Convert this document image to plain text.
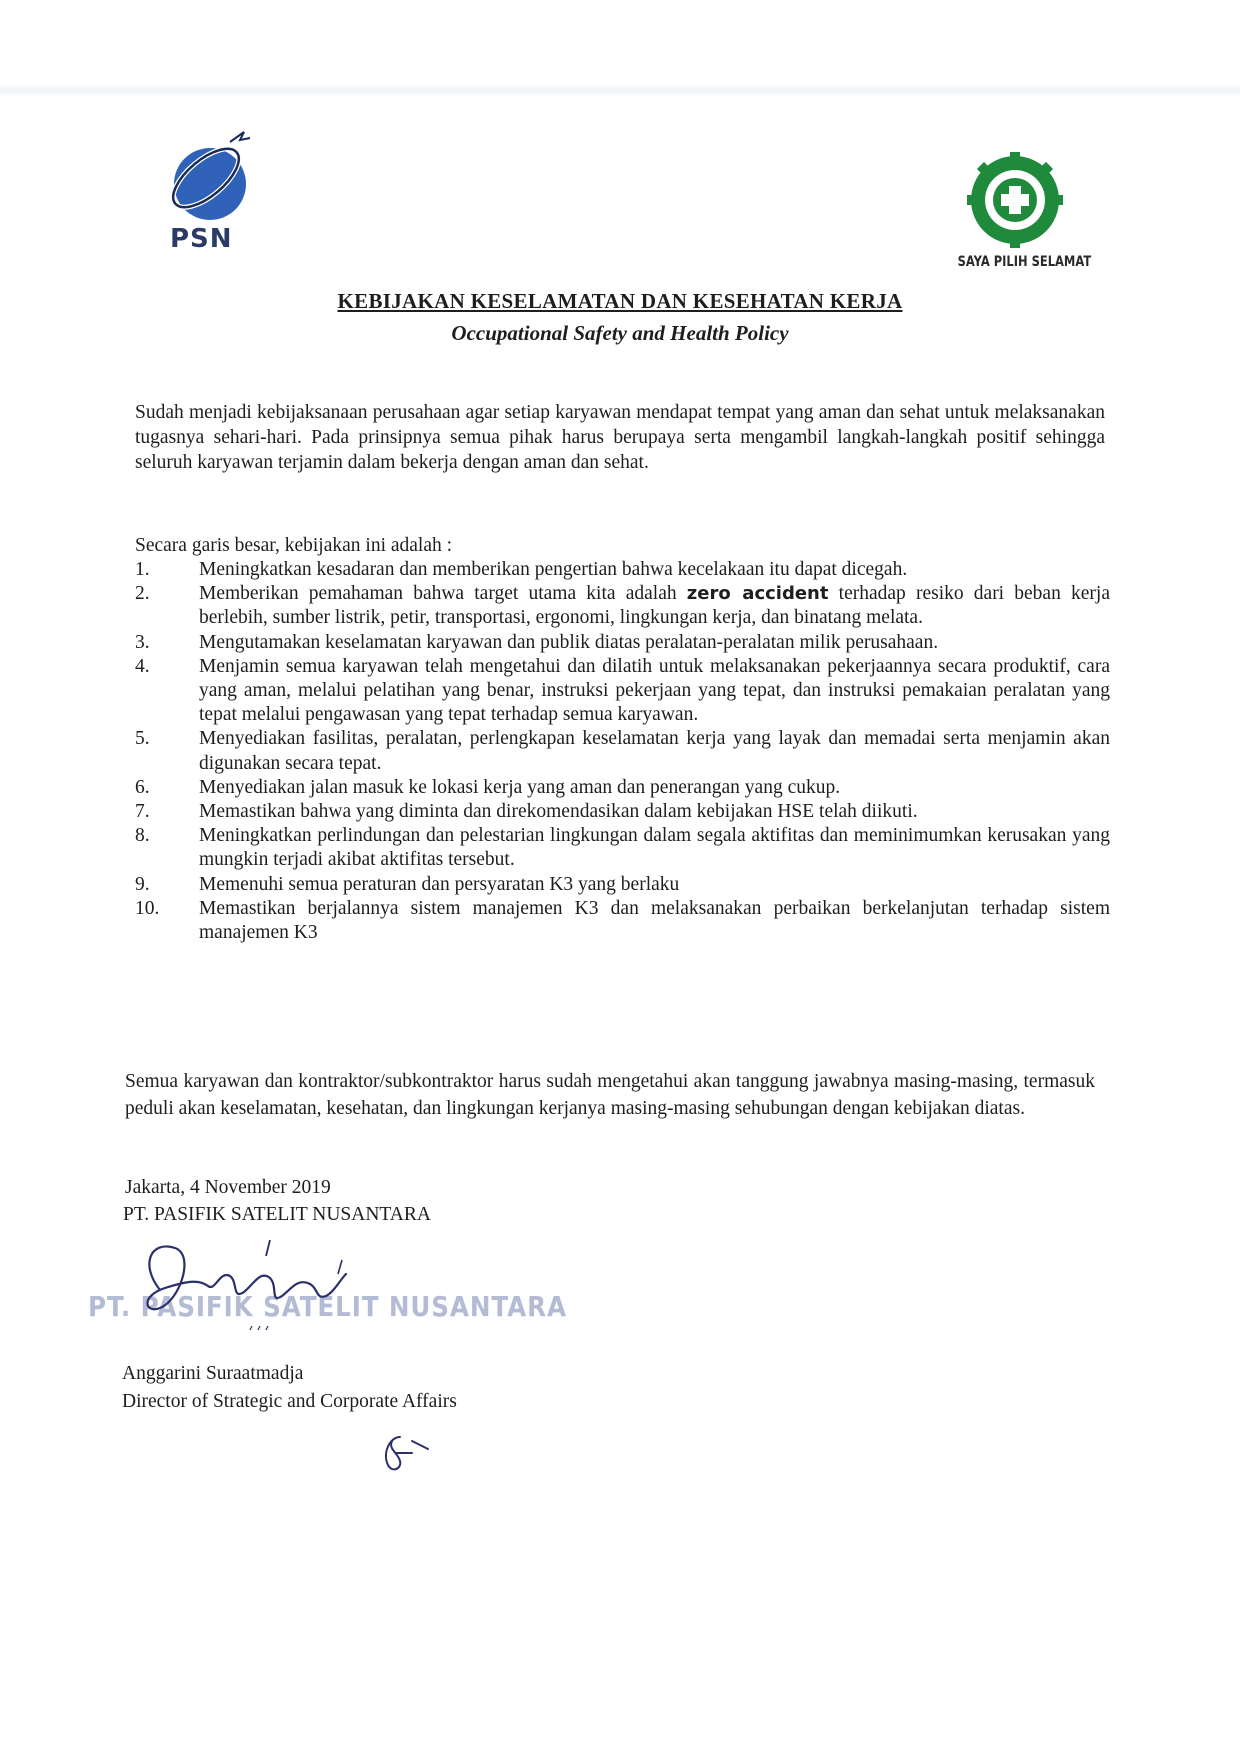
PSN
SAYA PILIH SELAMAT
KEBIJAKAN KESELAMATAN DAN KESEHATAN KERJA
Occupational Safety and Health Policy

Sudah menjadi kebijaksanaan perusahaan agar setiap karyawan mendapat tempat yang aman dan sehat untuk melaksanakan tugasnya sehari-hari. Pada prinsipnya semua pihak harus berupaya serta mengambil langkah-langkah positif sehingga seluruh karyawan terjamin dalam bekerja dengan aman dan sehat.

Secara garis besar, kebijakan ini adalah :

1 .	Meningkatkan kesadaran dan memberikan pengertian bahwa kecelakaan itu dapat dicegah.
2 .	Memberikan pemahaman bahwa target utama kita adalah zero accident terhadap resiko dari beban kerja berlebih, sumber listrik, petir, transportasi, ergonomi, lingkungan kerja, dan binatang melata.
3 .	Mengutamakan keselamatan karyawan dan publik diatas peralatan-peralatan milik perusahaan.
4 .	Menjamin semua karyawan telah mengetahui dan dilatih untuk melaksanakan pekerjaannya secara produktif, cara yang aman, melalui pelatihan yang benar, instruksi pekerjaan yang tepat, dan instruksi pemakaian peralatan yang tepat melalui pengawasan yang tepat terhadap semua karyawan.
5 .	Menyediakan fasilitas, peralatan, perlengkapan keselamatan kerja yang layak dan memadai serta menjamin akan digunakan secara tepat.
6 .	Menyediakan jalan masuk ke lokasi kerja yang aman dan penerangan yang cukup.
7 .	Memastikan bahwa yang diminta dan direkomendasikan dalam kebijakan HSE telah diikuti.
8 .	Meningkatkan perlindungan dan pelestarian lingkungan dalam segala aktifitas dan meminimumkan kerusakan yang mungkin terjadi akibat aktifitas tersebut.
9 .	Memenuhi semua peraturan dan persyaratan K3 yang berlaku
10 .	Memastikan berjalannya sistem manajemen K3 dan melaksanakan perbaikan berkelanjutan terhadap sistem manajemen K3

Semua karyawan dan kontraktor/subkontraktor harus sudah mengetahui akan tanggung jawabnya masing-masing, termasuk peduli akan keselamatan, kesehatan, dan lingkungan kerjanya masing-masing sehubungan dengan kebijakan diatas.

Jakarta, 4 November 2019

PT. PASIFIK SATELIT NUSANTARA

PT. PASIFIK SATELIT NUSANTARA

Anggarini Suraatmadja

Director of Strategic and Corporate Affairs
